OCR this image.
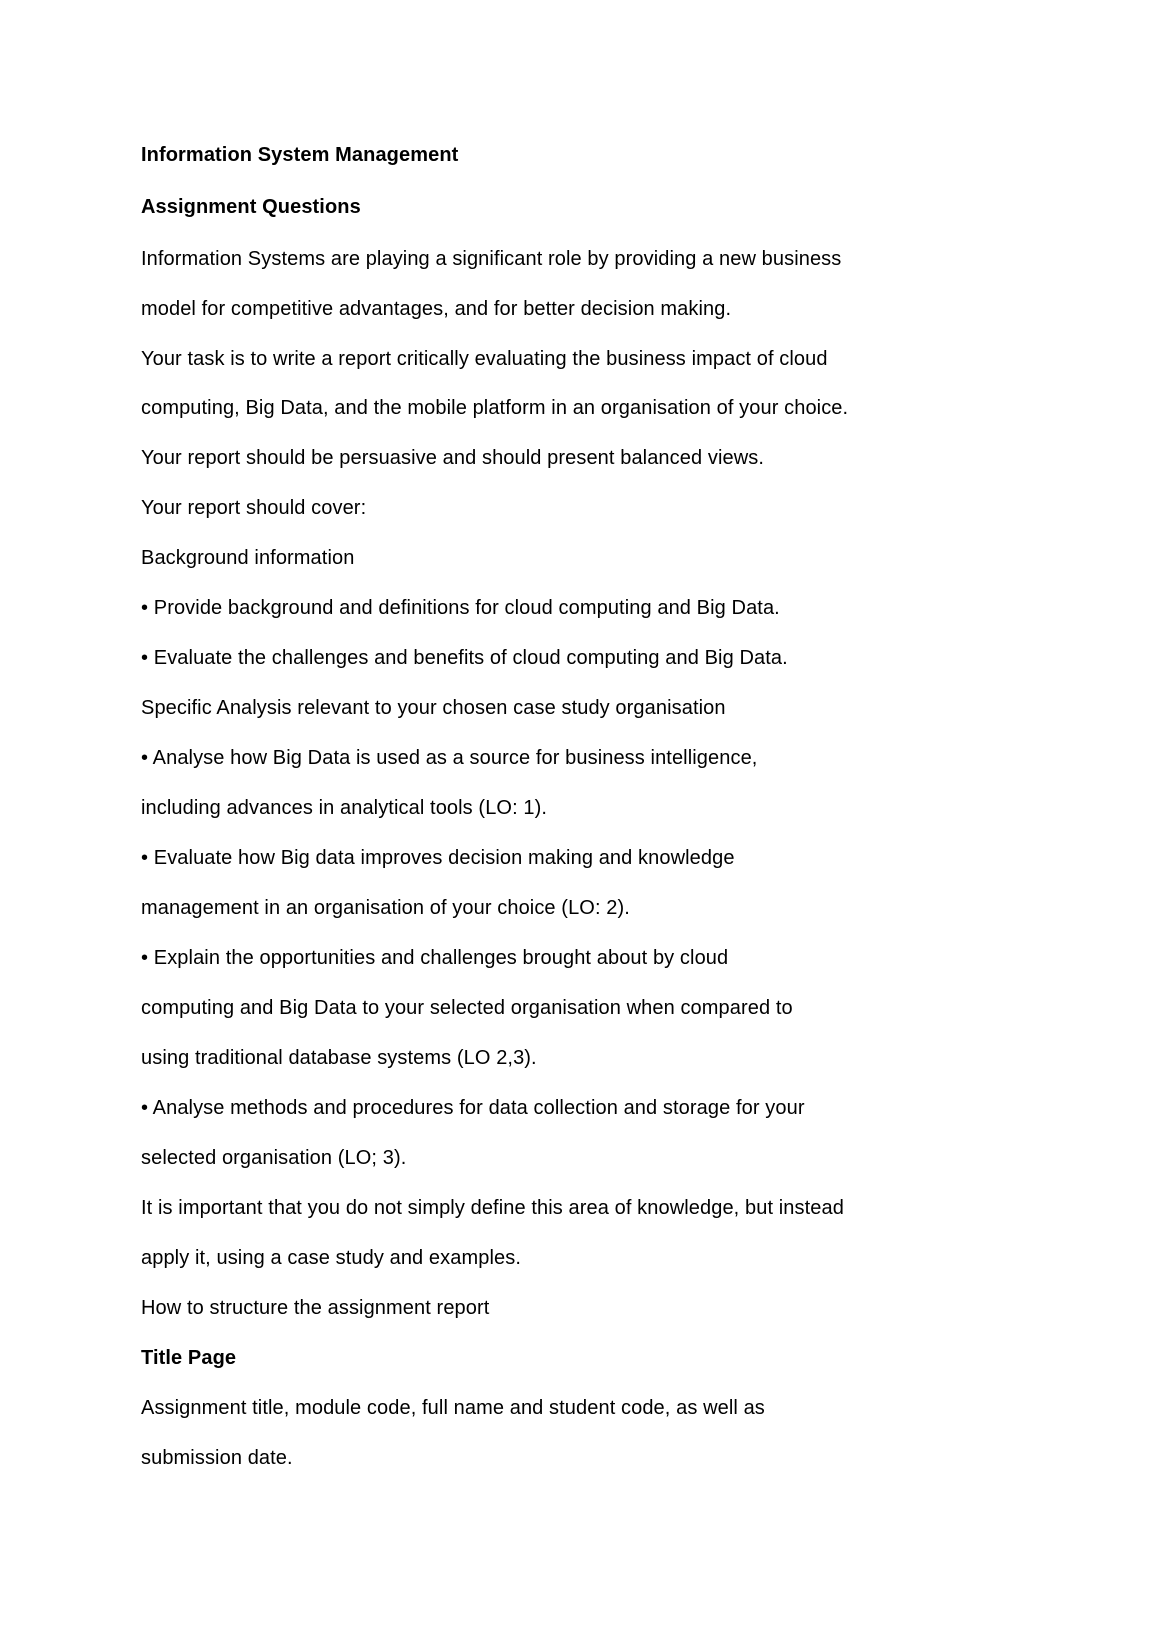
Information System Management
Assignment Questions
Information Systems are playing a significant role by providing a new business
model for competitive advantages, and for better decision making.
Your task is to write a report critically evaluating the business impact of cloud
computing, Big Data, and the mobile platform in an organisation of your choice.
Your report should be persuasive and should present balanced views.
Your report should cover:
Background information
• Provide background and definitions for cloud computing and Big Data.
• Evaluate the challenges and benefits of cloud computing and Big Data.
Specific Analysis relevant to your chosen case study organisation
• Analyse how Big Data is used as a source for business intelligence,
including advances in analytical tools (LO: 1).
• Evaluate how Big data improves decision making and knowledge
management in an organisation of your choice (LO: 2).
• Explain the opportunities and challenges brought about by cloud
computing and Big Data to your selected organisation when compared to
using traditional database systems (LO 2,3).
• Analyse methods and procedures for data collection and storage for your
selected organisation (LO; 3).
It is important that you do not simply define this area of knowledge, but instead
apply it, using a case study and examples.
How to structure the assignment report
Title Page
Assignment title, module code, full name and student code, as well as
submission date.
